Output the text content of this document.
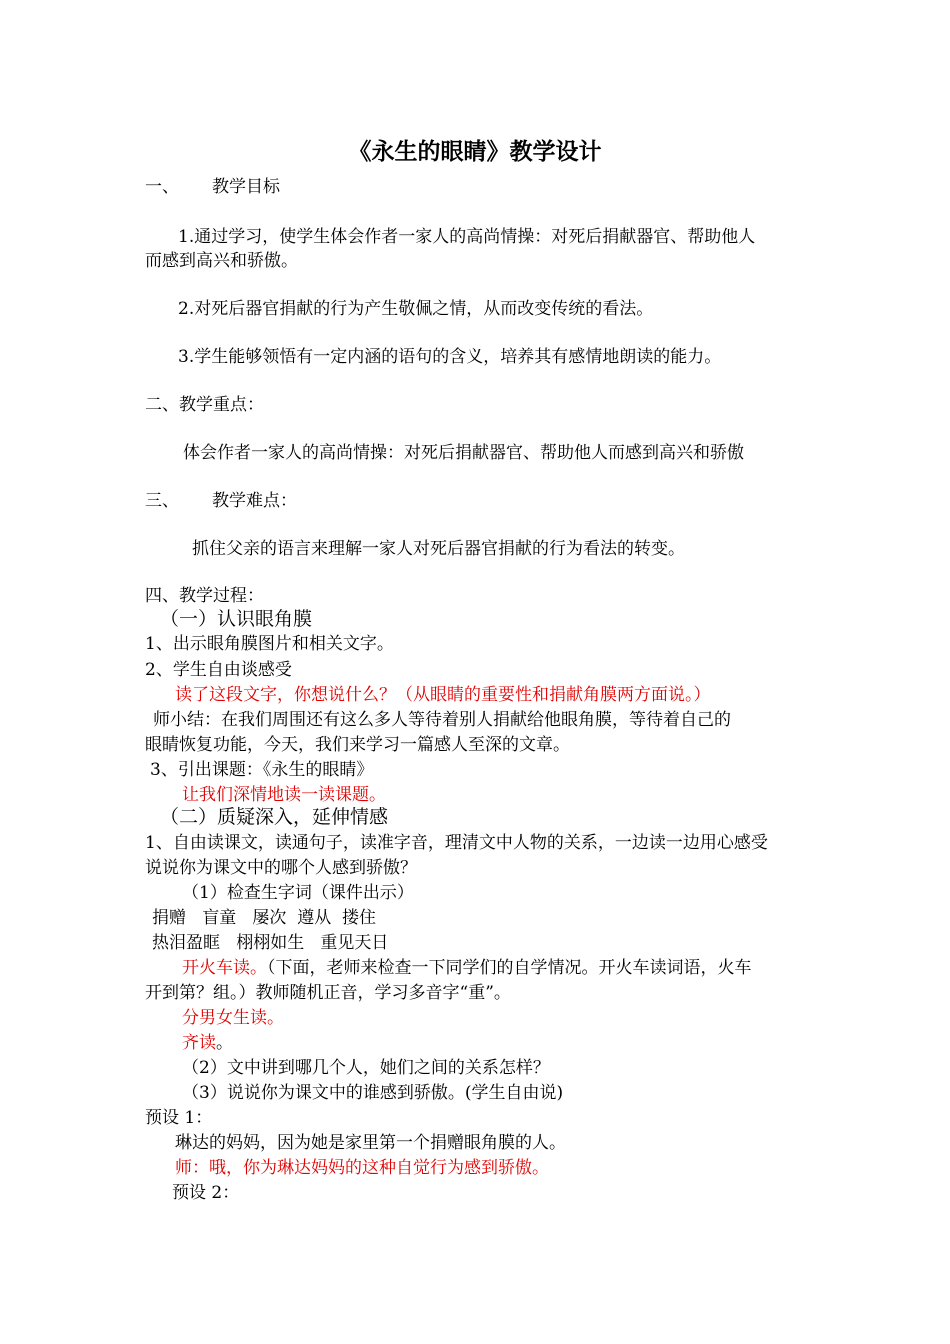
《永生的眼睛》教学设计
一、 教学目标
1.通过学习，使学生体会作者一家人的高尚情操：对死后捐献器官、帮助他人
而感到高兴和骄傲。
2.对死后器官捐献的行为产生敬佩之情，从而改变传统的看法。
3.学生能够领悟有一定内涵的语句的含义，培养其有感情地朗读的能力。
二、教学重点：
体会作者一家人的高尚情操：对死后捐献器官、帮助他人而感到高兴和骄傲
三、 教学难点：
抓住父亲的语言来理解一家人对死后器官捐献的行为看法的转变。
四、教学过程：
（一）认识眼角膜
1、出示眼角膜图片和相关文字。
2、学生自由谈感受
读了这段文字，你想说什么？（从眼睛的重要性和捐献角膜两方面说。）
师小结：在我们周围还有这么多人等待着别人捐献给他眼角膜，等待着自己的
眼睛恢复功能，今天，我们来学习一篇感人至深的文章。
3、引出课题：《永生的眼睛》
让我们深情地读一读课题。
（二）质疑深入，延伸情感
1、自由读课文，读通句子，读准字音，理清文中人物的关系，一边读一边用心感受
说说你为课文中的哪个人感到骄傲？
（1）检查生字词（课件出示）
捐赠   盲童   屡次  遵从  搂住
热泪盈眶   栩栩如生   重见天日
开火车读。（下面，老师来检查一下同学们的自学情况。开火车读词语，火车
开到第？组。）教师随机正音，学习多音字“重”。
分男女生读。
齐读。
（2）文中讲到哪几个人，她们之间的关系怎样？
（3）说说你为课文中的谁感到骄傲。(学生自由说)
预设 1：
琳达的妈妈，因为她是家里第一个捐赠眼角膜的人。
师：哦，你为琳达妈妈的这种自觉行为感到骄傲。
预设 2：
